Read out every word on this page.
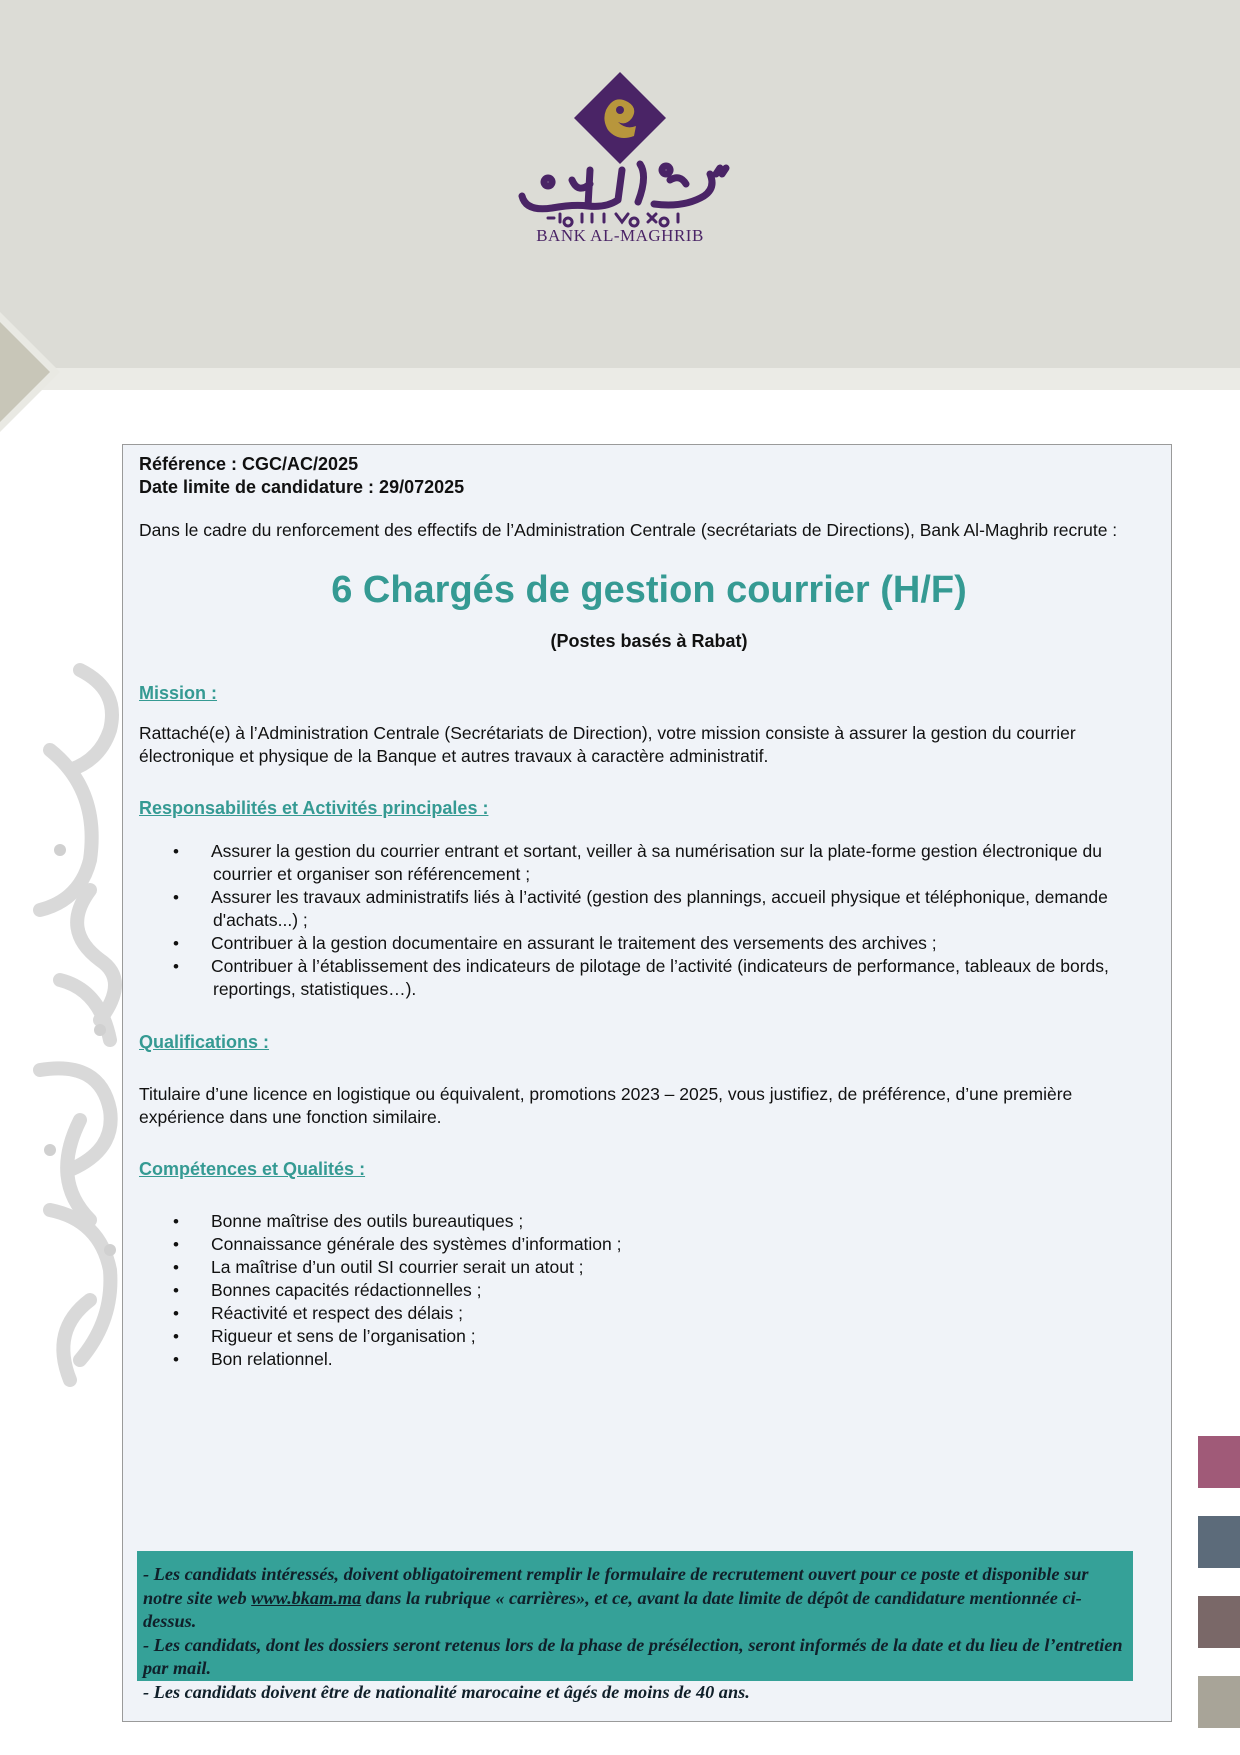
BANK AL-MAGHRIB

Référence : CGC/AC/2025

Date limite de candidature : 29/072025

Dans le cadre du renforcement des effectifs de l’Administration Centrale (secrétariats de Directions), Bank Al-Maghrib recrute :

6 Chargés de gestion courrier (H/F)
(Postes basés à Rabat)
Mission :

Rattaché(e) à l’Administration Centrale (Secrétariats de Direction), votre mission consiste à assurer la gestion du courrier électronique et physique de la Banque et autres travaux à caractère administratif.

Responsabilités et Activités principales :
• Assurer la gestion du courrier entrant et sortant, veiller à sa numérisation sur la plate-forme gestion électronique du courrier et organiser son référencement ;
• Assurer les travaux administratifs liés à l’activité (gestion des plannings, accueil physique et téléphonique, demande d'achats...) ;
• Contribuer à la gestion documentaire en assurant le traitement des versements des archives ;
• Contribuer à l’établissement des indicateurs de pilotage de l’activité (indicateurs de performance, tableaux de bords, reportings, statistiques…).
Qualifications :

Titulaire d’une licence en logistique ou équivalent, promotions 2023 – 2025, vous justifiez, de préférence, d’une première expérience dans une fonction similaire.

Compétences et Qualités :
• Bonne maîtrise des outils bureautiques ;
• Connaissance générale des systèmes d’information ;
• La maîtrise d’un outil SI courrier serait un atout ;
• Bonnes capacités rédactionnelles ;
• Réactivité et respect des délais ;
• Rigueur et sens de l’organisation ;
• Bon relationnel.
- Les candidats intéressés, doivent obligatoirement remplir le formulaire de recrutement ouvert pour ce poste et disponible sur notre site web www.bkam.ma dans la rubrique « carrières», et ce, avant la date limite de dépôt de candidature mentionnée ci-dessus.
- Les candidats, dont les dossiers seront retenus lors de la phase de présélection, seront informés de la date et du lieu de l’entretien par mail.
- Les candidats doivent être de nationalité marocaine et âgés de moins de 40 ans.
